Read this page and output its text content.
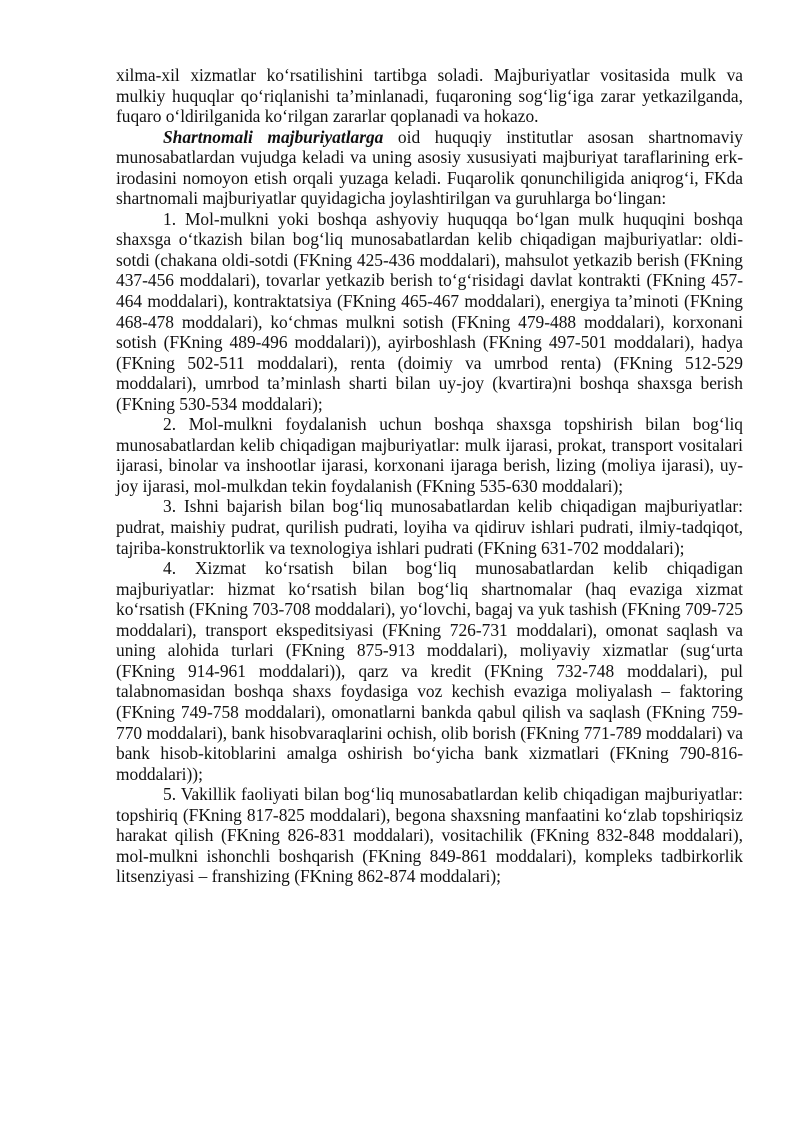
xilma-xil xizmatlar koʻrsatilishini tartibga soladi. Majburiyatlar vositasida mulk va mulkiy huquqlar qoʻriqlanishi ta’minlanadi, fuqaroning sogʻligʻiga zarar yetkazilganda, fuqaro oʻldirilganida koʻrilgan zararlar qoplanadi va hokazo.

Shartnomali majburiyatlarga oid huquqiy institutlar asosan shartnomaviy munosabatlardan vujudga keladi va uning asosiy xususiyati majburiyat taraflarining erk-irodasini nomoyon etish orqali yuzaga keladi. Fuqarolik qonunchiligida aniqrogʻi, FKda shartnomali majburiyatlar quyidagicha joylashtirilgan va guruhlarga boʻlingan:

1. Mol-mulkni yoki boshqa ashyoviy huquqqa boʻlgan mulk huquqini boshqa shaxsga oʻtkazish bilan bogʻliq munosabatlardan kelib chiqadigan majburiyatlar: oldi-sotdi (chakana oldi-sotdi (FKning 425-436 moddalari), mahsulot yetkazib berish (FKning 437-456 moddalari), tovarlar yetkazib berish toʻgʻrisidagi davlat kontrakti (FKning 457-464 moddalari), kontraktatsiya (FKning 465-467 moddalari), energiya ta’minoti (FKning 468-478 moddalari), koʻchmas mulkni sotish (FKning 479-488 moddalari), korxonani sotish (FKning 489-496 moddalari)), ayirboshlash (FKning 497-501 moddalari), hadya (FKning 502-511 moddalari), renta (doimiy va umrbod renta) (FKning 512-529 moddalari), umrbod ta’minlash sharti bilan uy-joy (kvartira)ni boshqa shaxsga berish (FKning 530-534 moddalari);

2. Mol-mulkni foydalanish uchun boshqa shaxsga topshirish bilan bogʻliq munosabatlardan kelib chiqadigan majburiyatlar: mulk ijarasi, prokat, transport vositalari ijarasi, binolar va inshootlar ijarasi, korxonani ijaraga berish, lizing (moliya ijarasi), uy-joy ijarasi, mol-mulkdan tekin foydalanish (FKning 535-630 moddalari);

3. Ishni bajarish bilan bogʻliq munosabatlardan kelib chiqadigan majburiyatlar: pudrat, maishiy pudrat, qurilish pudrati, loyiha va qidiruv ishlari pudrati, ilmiy-tadqiqot, tajriba-konstruktorlik va texnologiya ishlari pudrati (FKning 631-702 moddalari);

4. Xizmat koʻrsatish bilan bogʻliq munosabatlardan kelib chiqadigan majburiyatlar: hizmat koʻrsatish bilan bogʻliq shartnomalar (haq evaziga xizmat koʻrsatish (FKning 703-708 moddalari), yoʻlovchi, bagaj va yuk tashish (FKning 709-725 moddalari), transport ekspeditsiyasi (FKning 726-731 moddalari), omonat saqlash va uning alohida turlari (FKning 875-913 moddalari), moliyaviy xizmatlar (sugʻurta (FKning 914-961 moddalari)), qarz va kredit (FKning 732-748 moddalari), pul talabnomasidan boshqa shaxs foydasiga voz kechish evaziga moliyalash – faktoring (FKning 749-758 moddalari), omonatlarni bankda qabul qilish va saqlash (FKning 759-770 moddalari), bank hisobvaraqlarini ochish, olib borish (FKning 771-789 moddalari) va bank hisob-kitoblarini amalga oshirish boʻyicha bank xizmatlari (FKning 790-816-moddalari));

5. Vakillik faoliyati bilan bogʻliq munosabatlardan kelib chiqadigan majburiyatlar: topshiriq (FKning 817-825 moddalari), begona shaxsning manfaatini koʻzlab topshiriqsiz harakat qilish (FKning 826-831 moddalari), vositachilik (FKning 832-848 moddalari), mol-mulkni ishonchli boshqarish (FKning 849-861 moddalari), kompleks tadbirkorlik litsenziyasi – franshizing (FKning 862-874 moddalari);
